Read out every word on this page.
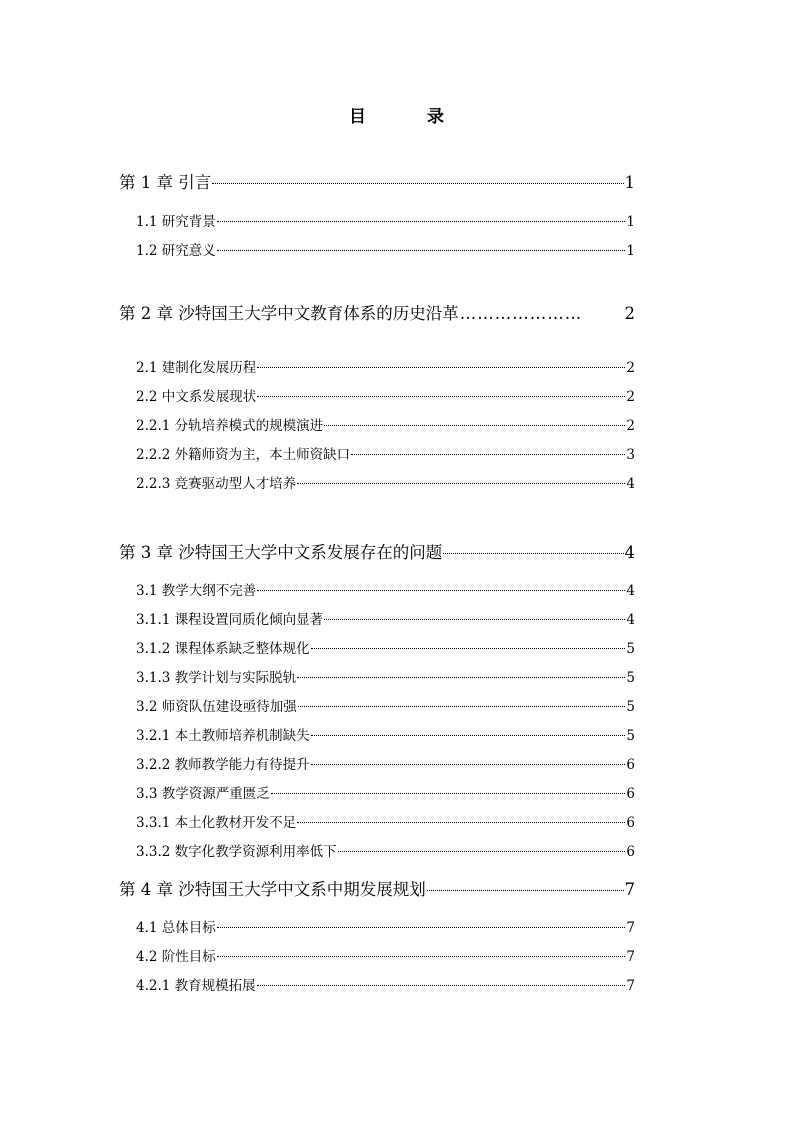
目　录
第 1 章 引言	1
1.1 研究背景	1
1.2 研究意义	1
第 2 章 沙特国王大学中文教育体系的历史沿革 …………………	2
2.1 建制化发展历程	2
2.2 中文系发展现状	2
2.2.1 分轨培养模式的规模演进	2
2.2.2 外籍师资为主，本土师资缺口	3
2.2.3 竞赛驱动型人才培养	4
第 3 章 沙特国王大学中文系发展存在的问题	4
3.1 教学大纲不完善	4
3.1.1 课程设置同质化倾向显著	4
3.1.2 课程体系缺乏整体规化	5
3.1.3 教学计划与实际脱轨	5
3.2 师资队伍建设亟待加强	5
3.2.1 本土教师培养机制缺失	5
3.2.2 教师教学能力有待提升	6
3.3 教学资源严重匮乏	6
3.3.1 本土化教材开发不足	6
3.3.2 数字化教学资源利用率低下	6
第 4 章 沙特国王大学中文系中期发展规划	7
4.1 总体目标	7
4.2 阶性目标	7
4.2.1 教育规模拓展	7
